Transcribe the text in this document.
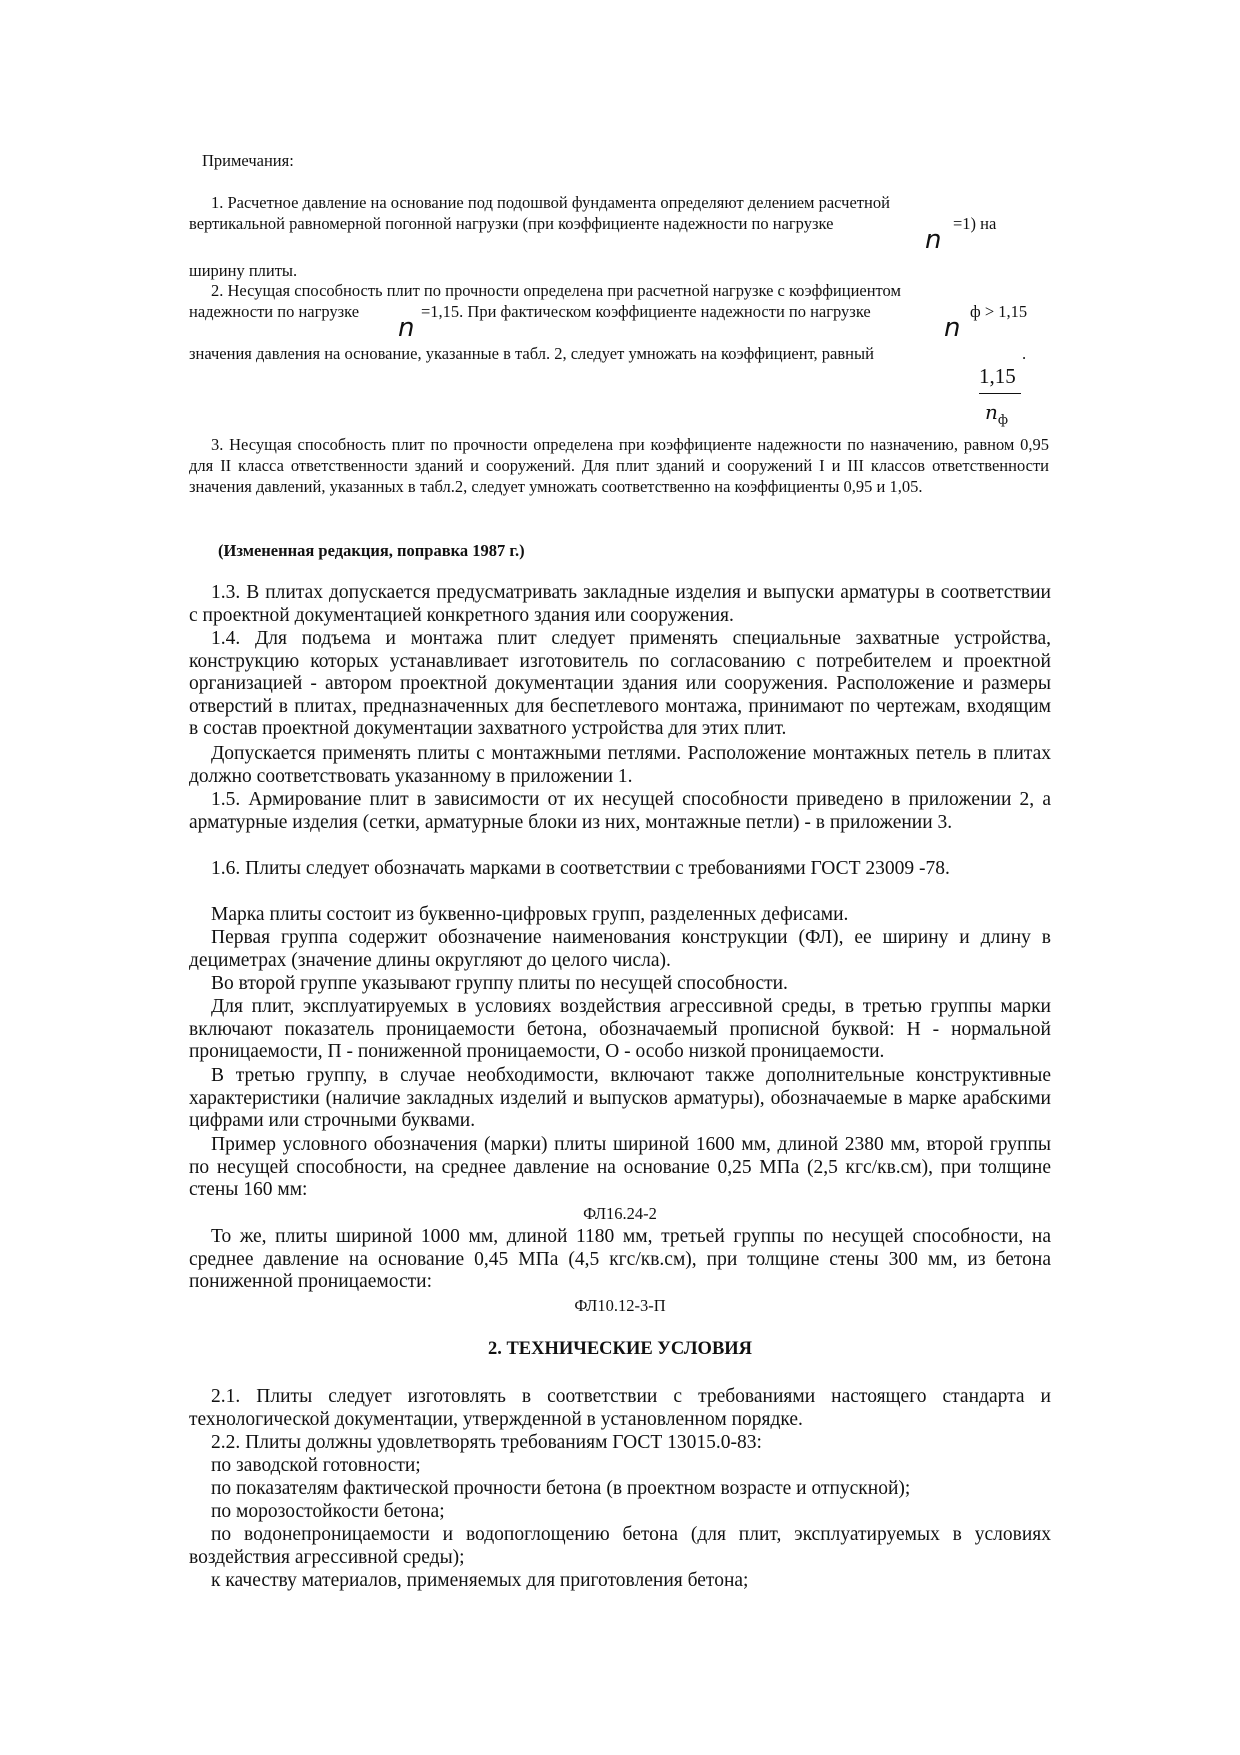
Примечания:
1. Расчетное давление на основание под подошвой фундамента определяют делением расчетной
вертикальной равномерной погонной нагрузки (при коэффициенте надежности по нагрузке	=1) на
n
ширину плиты.
2. Несущая способность плит по прочности определена при расчетной нагрузке с коэффициентом
надежности по нагрузке	=1,15. При фактическом коэффициенте надежности по нагрузке	ф > 1,15
n	n
значения давления на основание, указанные в табл. 2, следует умножать на коэффициент, равный	.
1,15
$n_ф$
3. Несущая способность плит по прочности определена при коэффициенте надежности по назначению, равном 0,95 для II класса ответственности зданий и сооружений. Для плит зданий и сооружений I и III классов ответственности значения давлений, указанных в табл.2, следует умножать соответственно на коэффициенты 0,95 и 1,05.
(Измененная редакция, поправка 1987 г.)
1.3. В плитах допускается предусматривать закладные изделия и выпуски арматуры в соответствии с проектной документацией конкретного здания или сооружения.
1.4. Для подъема и монтажа плит следует применять специальные захватные устройства, конструкцию которых устанавливает изготовитель по согласованию с потребителем и проектной организацией - автором проектной документации здания или сооружения. Расположение и размеры отверстий в плитах, предназначенных для беспетлевого монтажа, принимают по чертежам, входящим в состав проектной документации захватного устройства для этих плит.
Допускается применять плиты с монтажными петлями. Расположение монтажных петель в плитах должно соответствовать указанному в приложении 1.
1.5. Армирование плит в зависимости от их несущей способности приведено в приложении 2, а арматурные изделия (сетки, арматурные блоки из них, монтажные петли) - в приложении 3.
1.6. Плиты следует обозначать марками в соответствии с требованиями ГОСТ 23009 -78.
Марка плиты состоит из буквенно-цифровых групп, разделенных дефисами.
Первая группа содержит обозначение наименования конструкции (ФЛ), ее ширину и длину в дециметрах (значение длины округляют до целого числа).
Во второй группе указывают группу плиты по несущей способности.
Для плит, эксплуатируемых в условиях воздействия агрессивной среды, в третью группы марки включают показатель проницаемости бетона, обозначаемый прописной буквой: Н - нормальной проницаемости, П - пониженной проницаемости, О - особо низкой проницаемости.
В третью группу, в случае необходимости, включают также дополнительные конструктивные характеристики (наличие закладных изделий и выпусков арматуры), обозначаемые в марке арабскими цифрами или строчными буквами.
Пример условного обозначения (марки) плиты шириной 1600 мм, длиной 2380 мм, второй группы по несущей способности, на среднее давление на основание 0,25 МПа (2,5 кгс/кв.см), при толщине стены 160 мм:
ФЛ16.24-2
То же, плиты шириной 1000 мм, длиной 1180 мм, третьей группы по несущей способности, на среднее давление на основание 0,45 МПа (4,5 кгс/кв.см), при толщине стены 300 мм, из бетона пониженной проницаемости:
ФЛ10.12-3-П
2. ТЕХНИЧЕСКИЕ УСЛОВИЯ
2.1. Плиты следует изготовлять в соответствии с требованиями настоящего стандарта и технологической документации, утвержденной в установленном порядке.
2.2. Плиты должны удовлетворять требованиям ГОСТ 13015.0-83:
по заводской готовности;
по показателям фактической прочности бетона (в проектном возрасте и отпускной);
по морозостойкости бетона;
по водонепроницаемости и водопоглощению бетона (для плит, эксплуатируемых в условиях воздействия агрессивной среды);
к качеству материалов, применяемых для приготовления бетона;
